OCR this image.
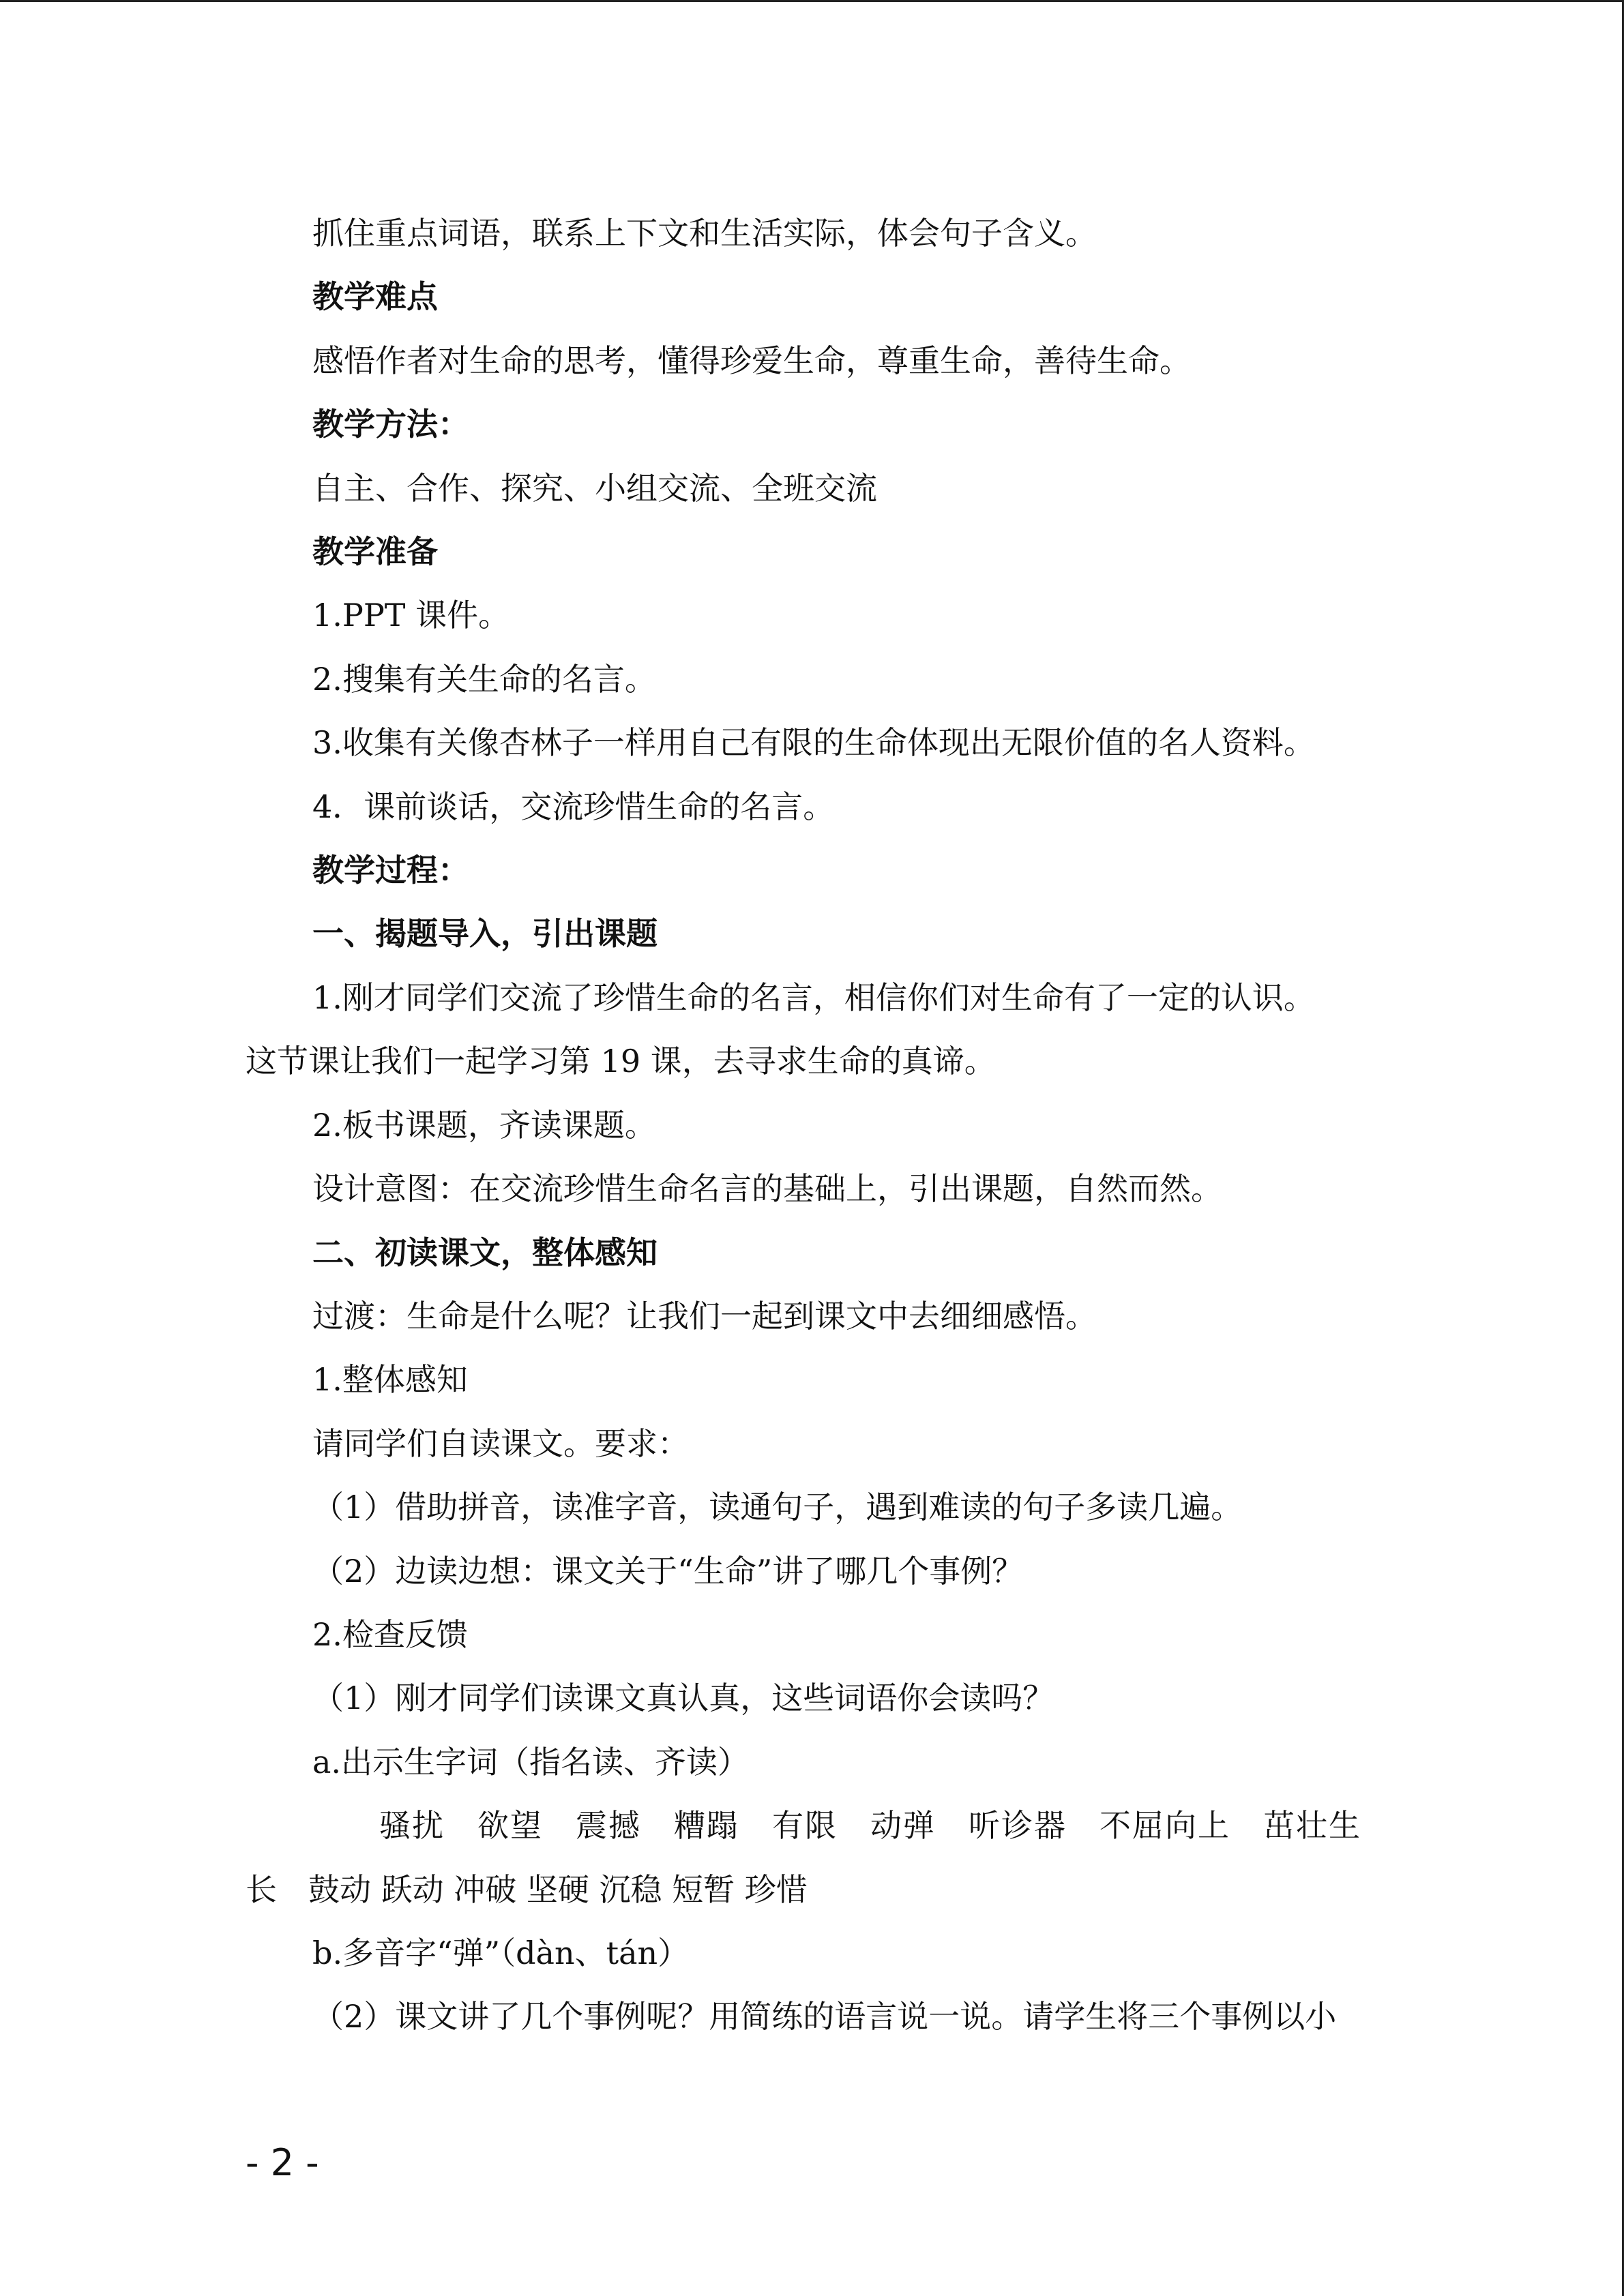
抓住重点词语，联系上下文和生活实际，体会句子含义。

教学难点

感悟作者对生命的思考，懂得珍爱生命，尊重生命，善待生命。

教学方法：

自主、合作、探究、小组交流、全班交流

教学准备

1.PPT 课件。

2.搜集有关生命的名言。

3.收集有关像杏林子一样用自己有限的生命体现出无限价值的名人资料。

4．课前谈话，交流珍惜生命的名言。

教学过程：

一、揭题导入，引出课题

1.刚才同学们交流了珍惜生命的名言，相信你们对生命有了一定的认识。

这节课让我们一起学习第 19 课，去寻求生命的真谛。

2.板书课题，齐读课题。

设计意图：在交流珍惜生命名言的基础上，引出课题，自然而然。

二、初读课文，整体感知

过渡：生命是什么呢？让我们一起到课文中去细细感悟。

1.整体感知

请同学们自读课文。要求：

（1）借助拼音，读准字音，读通句子，遇到难读的句子多读几遍。

（2）边读边想：课文关于“生命”讲了哪几个事例？

2.检查反馈

（1）刚才同学们读课文真认真，这些词语你会读吗？

a.出示生字词（指名读、齐读）

骚扰　欲望　震撼　糟蹋　有限　动弹　听诊器　不屈向上　茁壮生

长　鼓动 跃动 冲破 坚硬 沉稳 短暂 珍惜

b.多音字“弹”（dàn、tán）

（2）课文讲了几个事例呢？用简练的语言说一说。请学生将三个事例以小

- 2 -
